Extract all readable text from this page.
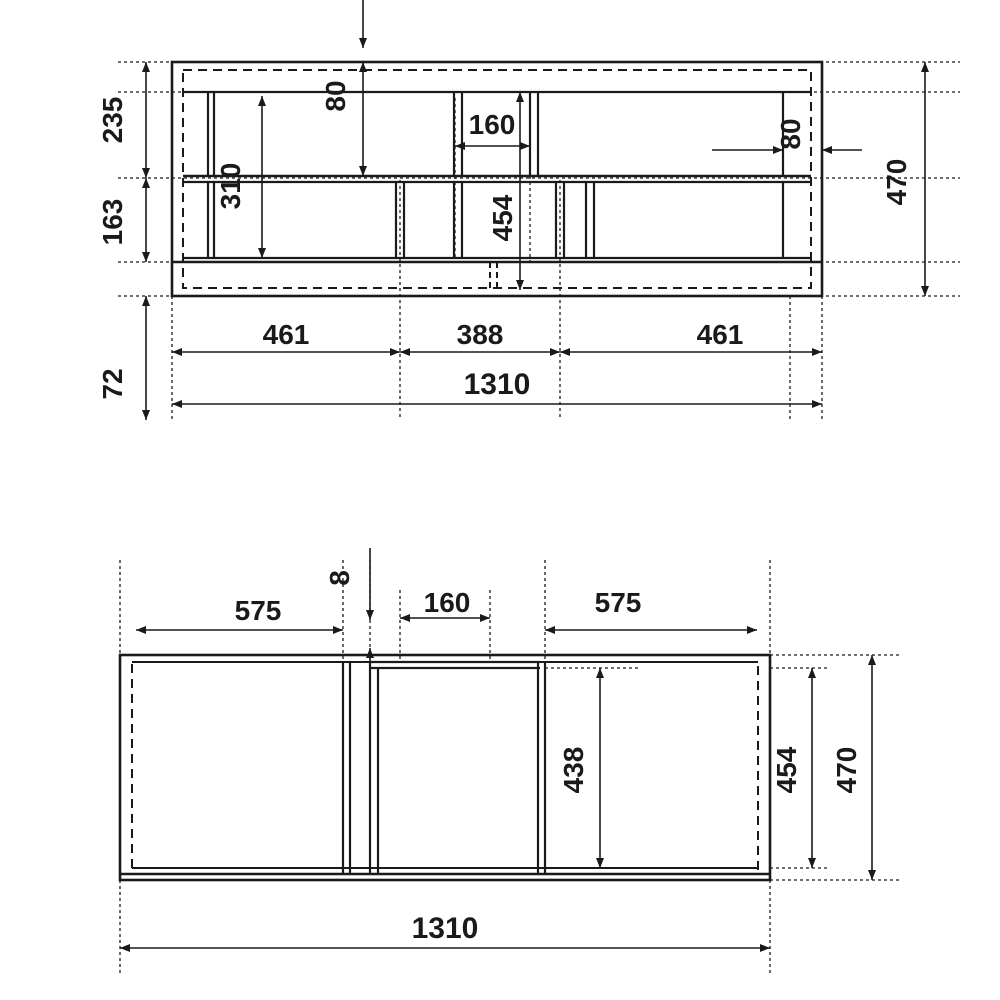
235
163
72
470
310
454
80
80
160
461	388	461
1310
575
8
160	575
438	454 470
1310
